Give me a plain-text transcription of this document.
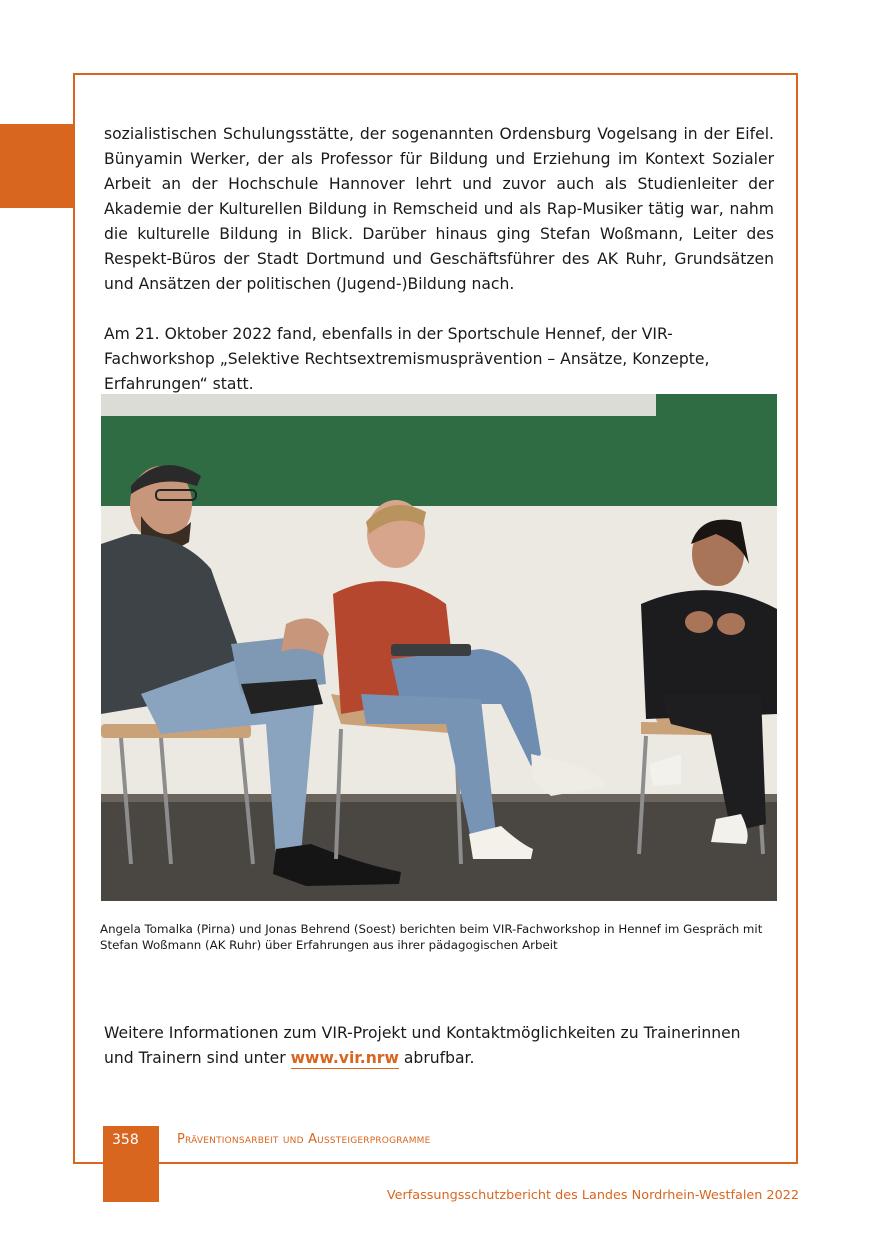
sozialistischen Schulungsstätte, der sogenannten Ordensburg Vogelsang in der Eifel. Bünyamin Werker, der als Professor für Bildung und Erziehung im Kontext Sozialer Arbeit an der Hochschule Hannover lehrt und zuvor auch als Studienleiter der Akademie der Kulturellen Bildung in Remscheid und als Rap-Musiker tätig war, nahm die kulturelle Bildung in Blick. Darüber hinaus ging Stefan Woßmann, Leiter des Respekt-Büros der Stadt Dortmund und Geschäftsführer des AK Ruhr, Grundsätzen und Ansätzen der politischen (Jugend-)Bildung nach.

Am 21. Oktober 2022 fand, ebenfalls in der Sportschule Hennef, der VIR-Fachworkshop „Selektive Rechtsextremismusprävention – Ansätze, Konzepte, Erfahrungen“ statt.

Angela Tomalka (Pirna) und Jonas Behrend (Soest) berichten beim VIR-Fachworkshop in Hennef im Gespräch mit Stefan Woßmann (AK Ruhr) über Erfahrungen aus ihrer pädagogischen Arbeit

Weitere Informationen zum VIR-Projekt und Kontaktmöglichkeiten zu Trainerinnen und Trainern sind unter www.vir.nrw abrufbar.

358	Präventionsarbeit und Aussteigerprogramme
Verfassungsschutzbericht des Landes Nordrhein-Westfalen 2022
